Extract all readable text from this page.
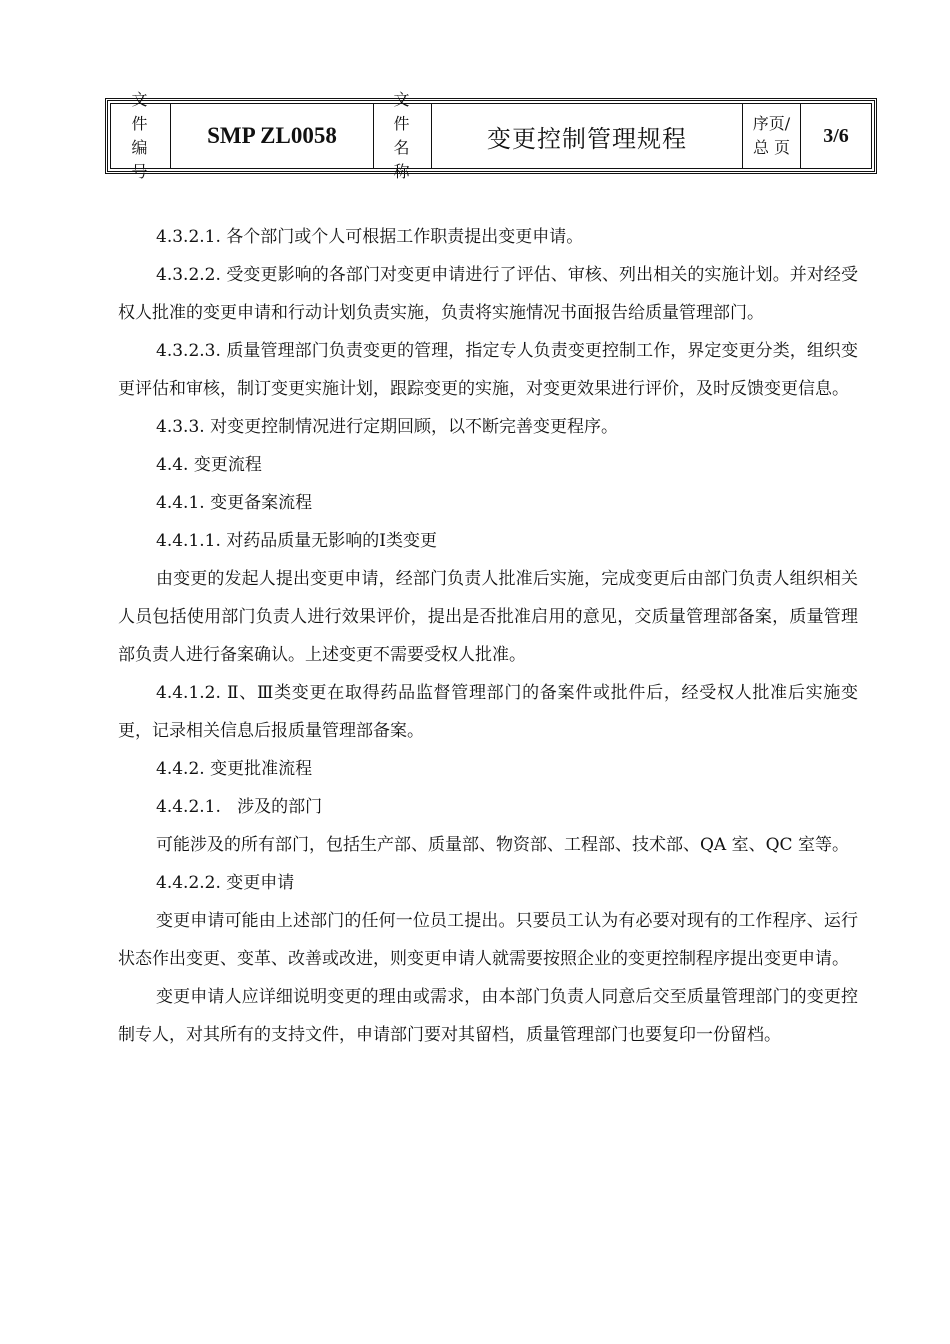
文 件
编 号
SMP ZL0058
文 件
名 称
变更控制管理规程
序页/
总 页
3/6

4.3.2.1. 各个部门或个人可根据工作职责提出变更申请。

4.3.2.2. 受变更影响的各部门对变更申请进行了评估、审核、列出相关的实施计划。并对经受权人批准的变更申请和行动计划负责实施，负责将实施情况书面报告给质量管理部门。

4.3.2.3. 质量管理部门负责变更的管理，指定专人负责变更控制工作，界定变更分类，组织变更评估和审核，制订变更实施计划，跟踪变更的实施，对变更效果进行评价，及时反馈变更信息。

4.3.3. 对变更控制情况进行定期回顾，以不断完善变更程序。

4.4. 变更流程

4.4.1. 变更备案流程

4.4.1.1. 对药品质量无影响的Ⅰ类变更

由变更的发起人提出变更申请，经部门负责人批准后实施，完成变更后由部门负责人组织相关人员包括使用部门负责人进行效果评价，提出是否批准启用的意见，交质量管理部备案，质量管理部负责人进行备案确认。上述变更不需要受权人批准。

4.4.1.2. Ⅱ、Ⅲ类变更在取得药品监督管理部门的备案件或批件后，经受权人批准后实施变更，记录相关信息后报质量管理部备案。

4.4.2. 变更批准流程

4.4.2.1.   涉及的部门

可能涉及的所有部门，包括生产部、质量部、物资部、工程部、技术部、QA 室、QC 室等。

4.4.2.2. 变更申请

变更申请可能由上述部门的任何一位员工提出。只要员工认为有必要对现有的工作程序、运行状态作出变更、变革、改善或改进，则变更申请人就需要按照企业的变更控制程序提出变更申请。

变更申请人应详细说明变更的理由或需求，由本部门负责人同意后交至质量管理部门的变更控制专人，对其所有的支持文件，申请部门要对其留档，质量管理部门也要复印一份留档。
